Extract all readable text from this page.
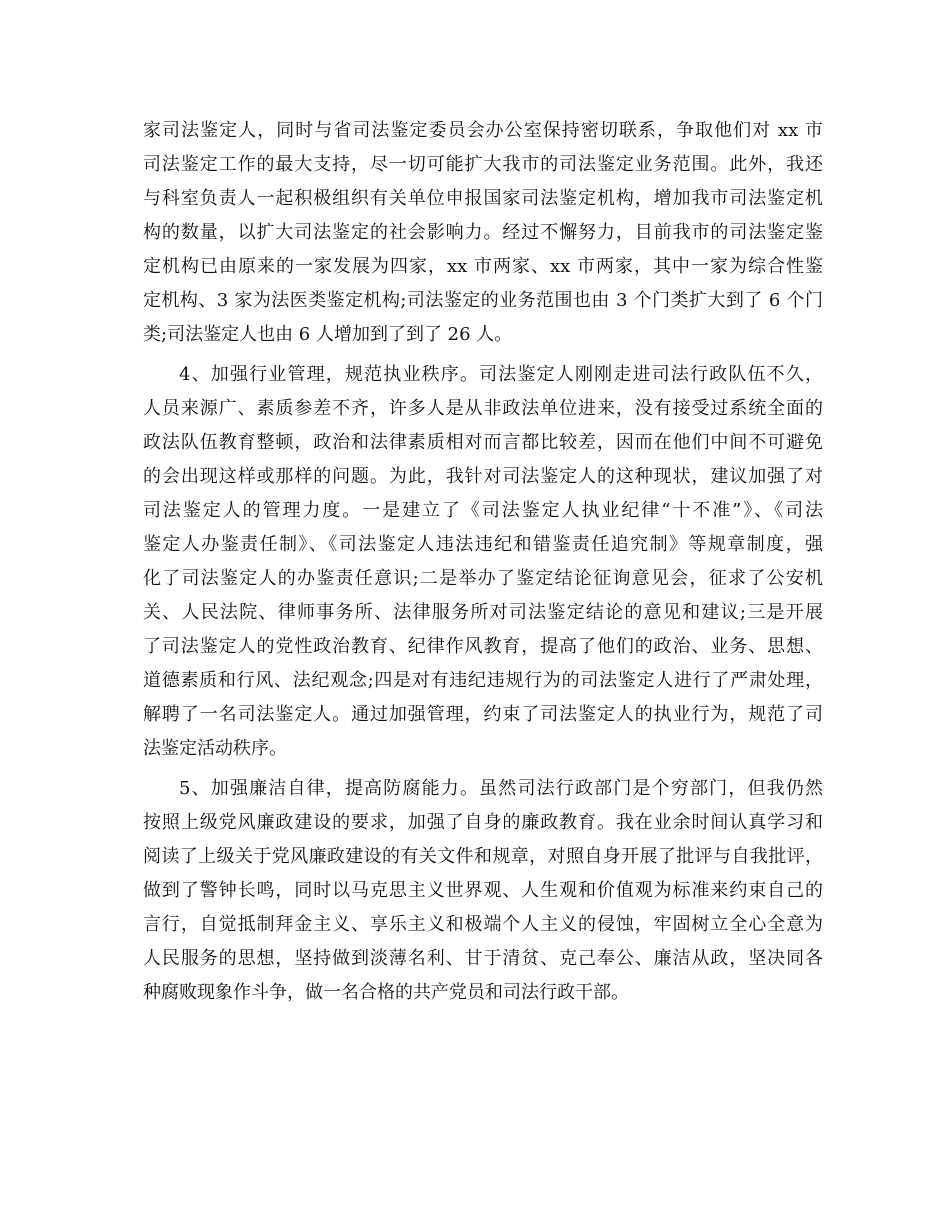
家司法鉴定人，同时与省司法鉴定委员会办公室保持密切联系，争取他们对 xx 市
司法鉴定工作的最大支持，尽一切可能扩大我市的司法鉴定业务范围。此外，我还
与科室负责人一起积极组织有关单位申报国家司法鉴定机构，增加我市司法鉴定机
构的数量，以扩大司法鉴定的社会影响力。经过不懈努力，目前我市的司法鉴定鉴
定机构已由原来的一家发展为四家，xx 市两家、xx 市两家，其中一家为综合性鉴
定机构、3 家为法医类鉴定机构;司法鉴定的业务范围也由 3 个门类扩大到了 6 个门
类;司法鉴定人也由 6 人增加到了到了 26 人。
4、加强行业管理，规范执业秩序。司法鉴定人刚刚走进司法行政队伍不久，
人员来源广、素质参差不齐，许多人是从非政法单位进来，没有接受过系统全面的
政法队伍教育整顿，政治和法律素质相对而言都比较差，因而在他们中间不可避免
的会出现这样或那样的问题。为此，我针对司法鉴定人的这种现状，建议加强了对
司法鉴定人的管理力度。一是建立了《司法鉴定人执业纪律“十不准”》、《司法
鉴定人办鉴责任制》、《司法鉴定人违法违纪和错鉴责任追究制》等规章制度，强
化了司法鉴定人的办鉴责任意识;二是举办了鉴定结论征询意见会，征求了公安机
关、人民法院、律师事务所、法律服务所对司法鉴定结论的意见和建议;三是开展
了司法鉴定人的党性政治教育、纪律作风教育，提高了他们的政治、业务、思想、
道德素质和行风、法纪观念;四是对有违纪违规行为的司法鉴定人进行了严肃处理，
解聘了一名司法鉴定人。通过加强管理，约束了司法鉴定人的执业行为，规范了司
法鉴定活动秩序。
5、加强廉洁自律，提高防腐能力。虽然司法行政部门是个穷部门，但我仍然
按照上级党风廉政建设的要求，加强了自身的廉政教育。我在业余时间认真学习和
阅读了上级关于党风廉政建设的有关文件和规章，对照自身开展了批评与自我批评，
做到了警钟长鸣，同时以马克思主义世界观、人生观和价值观为标准来约束自己的
言行，自觉抵制拜金主义、享乐主义和极端个人主义的侵蚀，牢固树立全心全意为
人民服务的思想，坚持做到淡薄名利、甘于清贫、克己奉公、廉洁从政，坚决同各
种腐败现象作斗争，做一名合格的共产党员和司法行政干部。
